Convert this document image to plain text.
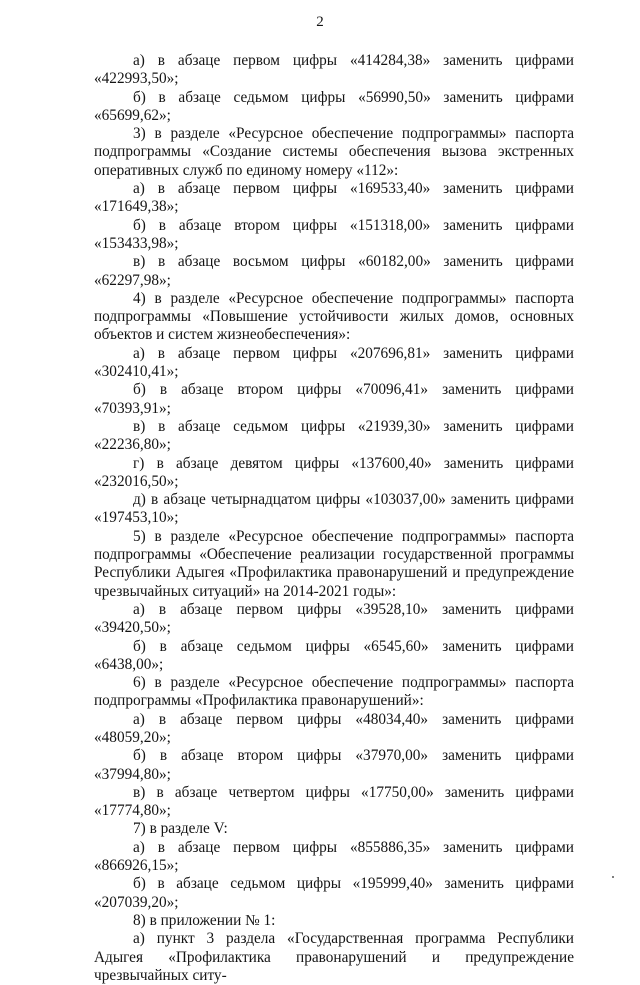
2

а) в абзаце первом цифры «414284,38» заменить цифрами «422993,50»;

б) в абзаце седьмом цифры «56990,50» заменить цифрами «65699,62»;

3) в разделе «Ресурсное обеспечение подпрограммы» паспорта подпрограммы «Создание системы обеспечения вызова экстренных оперативных служб по единому номеру «112»:

а) в абзаце первом цифры «169533,40» заменить цифрами «171649,38»;

б) в абзаце втором цифры «151318,00» заменить цифрами «153433,98»;

в) в абзаце восьмом цифры «60182,00» заменить цифрами «62297,98»;

4) в разделе «Ресурсное обеспечение подпрограммы» паспорта подпрограммы «Повышение устойчивости жилых домов, основных объектов и систем жизнеобеспечения»:

а) в абзаце первом цифры «207696,81» заменить цифрами «302410,41»;

б) в абзаце втором цифры «70096,41» заменить цифрами «70393,91»;

в) в абзаце седьмом цифры «21939,30» заменить цифрами «22236,80»;

г) в абзаце девятом цифры «137600,40» заменить цифрами «232016,50»;

д) в абзаце четырнадцатом цифры «103037,00» заменить цифрами «197453,10»;

5) в разделе «Ресурсное обеспечение подпрограммы» паспорта подпрограммы «Обеспечение реализации государственной программы Республики Адыгея «Профилактика правонарушений и предупреждение чрезвычайных ситуаций» на 2014-2021 годы»:

а) в абзаце первом цифры «39528,10» заменить цифрами «39420,50»;

б) в абзаце седьмом цифры «6545,60» заменить цифрами «6438,00»;

6) в разделе «Ресурсное обеспечение подпрограммы» паспорта подпрограммы «Профилактика правонарушений»:

а) в абзаце первом цифры «48034,40» заменить цифрами «48059,20»;

б) в абзаце втором цифры «37970,00» заменить цифрами «37994,80»;

в) в абзаце четвертом цифры «17750,00» заменить цифрами «17774,80»;

7) в разделе V:

а) в абзаце первом цифры «855886,35» заменить цифрами «866926,15»;

б) в абзаце седьмом цифры «195999,40» заменить цифрами «207039,20»;

8) в приложении № 1:

а) пункт 3 раздела «Государственная программа Республики Адыгея «Профилактика правонарушений и предупреждение чрезвычайных ситу-
